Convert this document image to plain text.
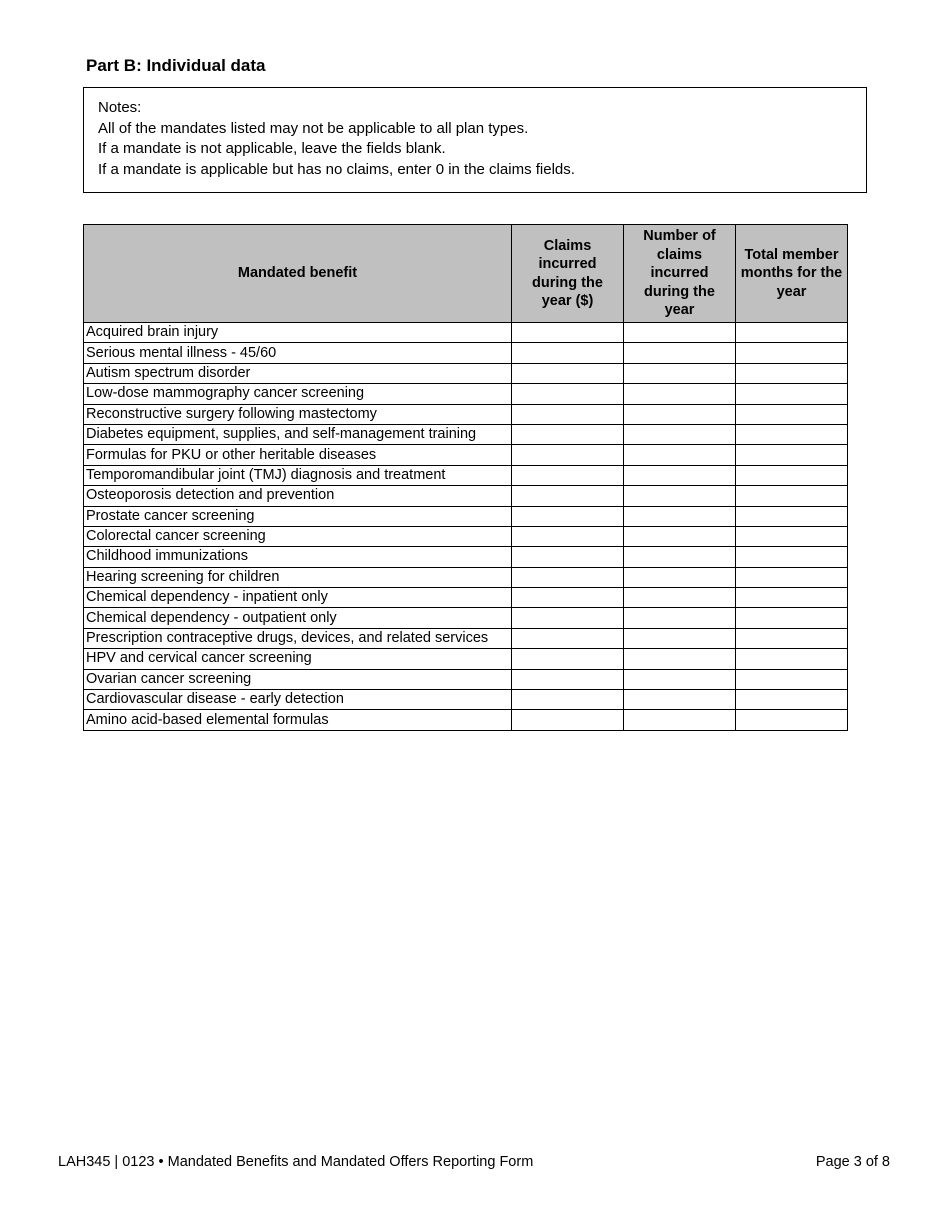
Part B: Individual data
Notes:
All of the mandates listed may not be applicable to all plan types.
If a mandate is not applicable, leave the fields blank.
If a mandate is applicable but has no claims, enter 0 in the claims fields.
Mandated benefit	Claims incurred during the year ($)	Number of claims incurred during the year	Total member months for the year
Acquired brain injury			
Serious mental illness - 45/60			
Autism spectrum disorder			
Low-dose mammography cancer screening			
Reconstructive surgery following mastectomy			
Diabetes equipment, supplies, and self-management training			
Formulas for PKU or other heritable diseases			
Temporomandibular joint (TMJ) diagnosis and treatment			
Osteoporosis detection and prevention			
Prostate cancer screening			
Colorectal cancer screening			
Childhood immunizations			
Hearing screening for children			
Chemical dependency - inpatient only			
Chemical dependency - outpatient only			
Prescription contraceptive drugs, devices, and related services			
HPV and cervical cancer screening			
Ovarian cancer screening			
Cardiovascular disease - early detection			
Amino acid-based elemental formulas			
LAH345 | 0123 • Mandated Benefits and Mandated Offers Reporting Form	Page 3 of 8
